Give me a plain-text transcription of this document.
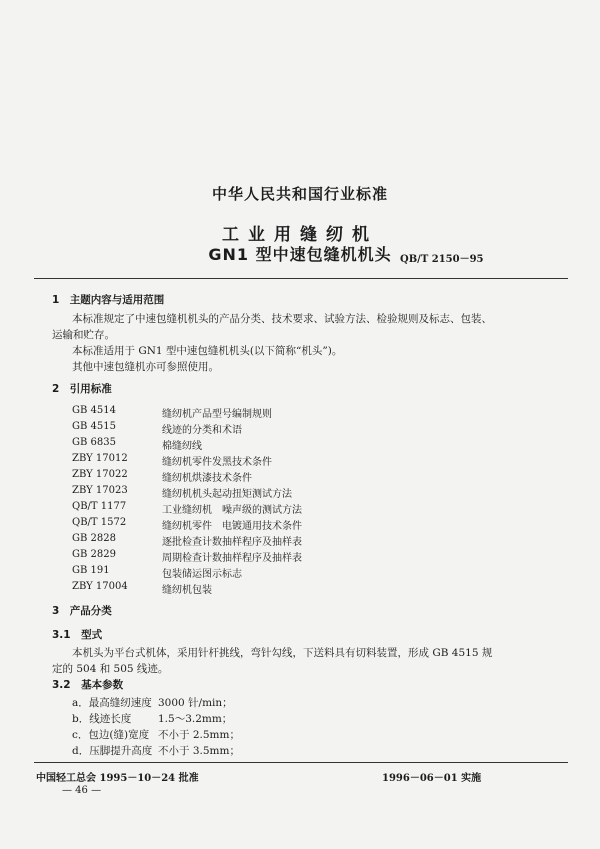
中华人民共和国行业标准
工业用缝纫机
GN1 型中速包缝机机头 QB/T 2150－95
1　主题内容与适用范围
本标准规定了中速包缝机机头的产品分类、技术要求、试验方法、检验规则及标志、包装、
运输和贮存。
本标准适用于 GN1 型中速包缝机机头(以下简称“机头”)。
其他中速包缝机亦可参照使用。
2　引用标准
GB 4514	缝纫机产品型号编制规则
GB 4515	线迹的分类和术语
GB 6835	棉缝纫线
ZBY 17012	缝纫机零件发黑技术条件
ZBY 17022	缝纫机烘漆技术条件
ZBY 17023	缝纫机机头起动扭矩测试方法
QB/T 1177	工业缝纫机　噪声级的测试方法
QB/T 1572	缝纫机零件　电镀通用技术条件
GB 2828	逐批检查计数抽样程序及抽样表
GB 2829	周期检查计数抽样程序及抽样表
GB 191	包装储运图示标志
ZBY 17004	缝纫机包装
3　产品分类
3.1　型式
本机头为平台式机体，采用针杆挑线，弯针勾线，下送料具有切料装置，形成 GB 4515 规
定的 504 和 505 线迹。
3.2　基本参数
a．最高缝纫速度 3000 针/min；
b．线迹长度	1.5～3.2mm；
c．包边(缝)宽度 不小于 2.5mm；
d．压脚提升高度 不小于 3.5mm；
中国轻工总会 1995－10－24 批准	1996－06－01 实施
— 46 —
